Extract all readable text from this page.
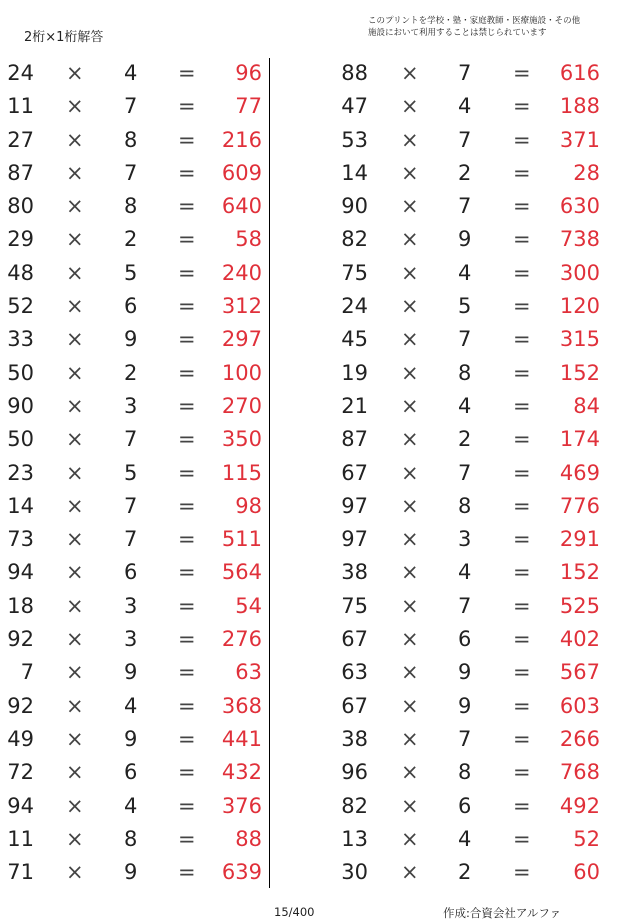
2桁×1桁解答
このプリントを学校・塾・家庭教師・医療施設・その他
施設において利用することは禁じられています
24 × 4 =	96
11 × 7 =	77
27 × 8 =	216
87 × 7 =	609
80 × 8 =	640
29 × 2 =	58
48 × 5 =	240
52 × 6 =	312
33 × 9 =	297
50 × 2 =	100
90 × 3 =	270
50 × 7 =	350
23 × 5 =	115
14 × 7 =	98
73 × 7 =	511
94 × 6 =	564
18 × 3 =	54
92 × 3 =	276
7 × 9 =	63
92 × 4 =	368
49 × 9 =	441
72 × 6 =	432
94 × 4 =	376
11 × 8 =	88
71 × 9 =	639
88 × 7 =	616
47 × 4 =	188
53 × 7 =	371
14 × 2 =	28
90 × 7 =	630
82 × 9 =	738
75 × 4 =	300
24 × 5 =	120
45 × 7 =	315
19 × 8 =	152
21 × 4 =	84
87 × 2 =	174
67 × 7 =	469
97 × 8 =	776
97 × 3 =	291
38 × 4 =	152
75 × 7 =	525
67 × 6 =	402
63 × 9 =	567
67 × 9 =	603
38 × 7 =	266
96 × 8 =	768
82 × 6 =	492
13 × 4 =	52
30 × 2 =	60
15/400	作成:合資会社アルファ
